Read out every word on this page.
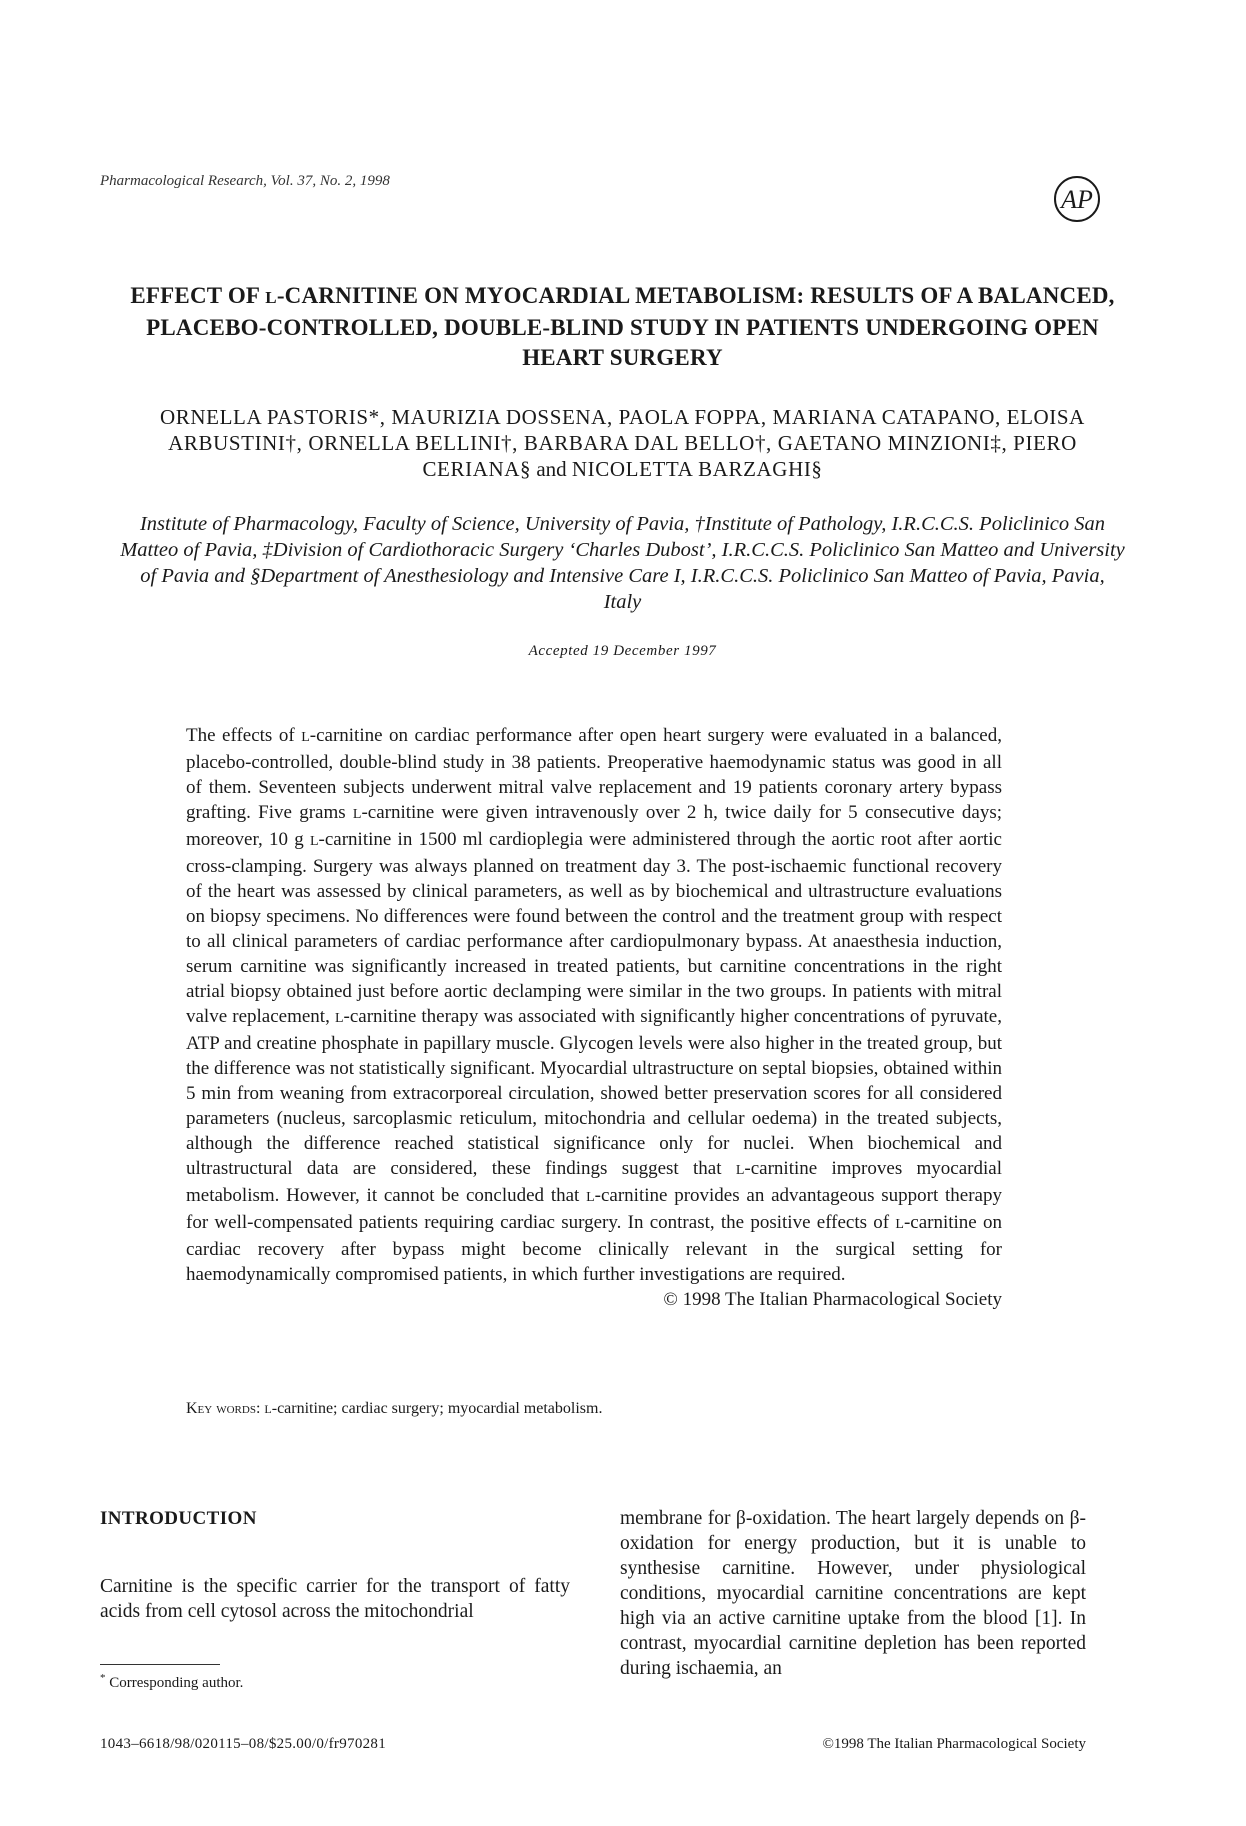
Pharmacological Research, Vol. 37, No. 2, 1998
AP
EFFECT OF L-CARNITINE ON MYOCARDIAL METABOLISM: RESULTS OF A BALANCED, PLACEBO-CONTROLLED, DOUBLE-BLIND STUDY IN PATIENTS UNDERGOING OPEN HEART SURGERY
ORNELLA PASTORIS*, MAURIZIA DOSSENA, PAOLA FOPPA, MARIANA CATAPANO, ELOISA ARBUSTINI†, ORNELLA BELLINI†, BARBARA DAL BELLO†, GAETANO MINZIONI‡, PIERO CERIANA§ and NICOLETTA BARZAGHI§
Institute of Pharmacology, Faculty of Science, University of Pavia, †Institute of Pathology, I.R.C.C.S. Policlinico San Matteo of Pavia, ‡Division of Cardiothoracic Surgery ‘Charles Dubost’, I.R.C.C.S. Policlinico San Matteo and University of Pavia and §Department of Anesthesiology and Intensive Care I, I.R.C.C.S. Policlinico San Matteo of Pavia, Pavia, Italy
Accepted 19 December 1997
The effects of L-carnitine on cardiac performance after open heart surgery were evaluated in a balanced, placebo-controlled, double-blind study in 38 patients. Preoperative haemodynamic status was good in all of them. Seventeen subjects underwent mitral valve replacement and 19 patients coronary artery bypass grafting. Five grams L-carnitine were given intravenously over 2 h, twice daily for 5 consecutive days; moreover, 10 g L-carnitine in 1500 ml cardioplegia were administered through the aortic root after aortic cross-clamping. Surgery was always planned on treatment day 3. The post-ischaemic functional recovery of the heart was assessed by clinical parameters, as well as by biochemical and ultrastructure evaluations on biopsy specimens. No differences were found between the control and the treatment group with respect to all clinical parameters of cardiac performance after cardiopulmonary bypass. At anaesthesia induction, serum carnitine was significantly increased in treated patients, but carnitine concentrations in the right atrial biopsy obtained just before aortic declamping were similar in the two groups. In patients with mitral valve replacement, L-carnitine therapy was associated with significantly higher concentrations of pyruvate, ATP and creatine phosphate in papillary muscle. Glycogen levels were also higher in the treated group, but the difference was not statistically significant. Myocardial ultrastructure on septal biopsies, obtained within 5 min from weaning from extracorporeal circulation, showed better preservation scores for all considered parameters (nucleus, sarcoplasmic reticulum, mitochondria and cellular oedema) in the treated subjects, although the difference reached statistical significance only for nuclei. When biochemical and ultrastructural data are considered, these findings suggest that L-carnitine improves myocardial metabolism. However, it cannot be concluded that L-carnitine provides an advantageous support therapy for well-compensated patients requiring cardiac surgery. In contrast, the positive effects of L-carnitine on cardiac recovery after bypass might become clinically relevant in the surgical setting for haemodynamically compromised patients, in which further investigations are required.
© 1998 The Italian Pharmacological Society
Key words: L-carnitine; cardiac surgery; myocardial metabolism.
INTRODUCTION
Carnitine is the specific carrier for the transport of fatty acids from cell cytosol across the mitochondrial
membrane for β-oxidation. The heart largely depends on β-oxidation for energy production, but it is unable to synthesise carnitine. However, under physiological conditions, myocardial carnitine concentrations are kept high via an active carnitine uptake from the blood [1]. In contrast, myocardial carnitine depletion has been reported during ischaemia, an
* Corresponding author.
1043–6618/98/020115–08/$25.00/0/fr970281	©1998 The Italian Pharmacological Society
